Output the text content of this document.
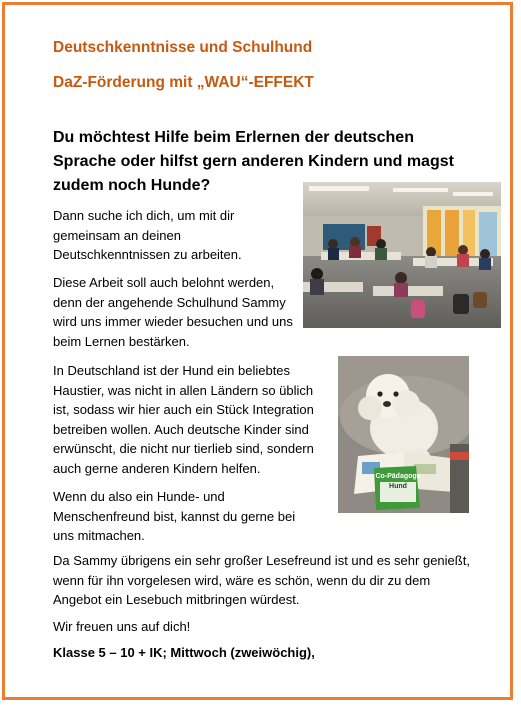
Deutschkenntnisse und Schulhund
DaZ-Förderung mit „WAU“-EFFEKT
Du möchtest Hilfe beim Erlernen der deutschen Sprache oder hilfst gern anderen Kindern und magst zudem noch Hunde?
Dann suche ich dich, um mit dir gemeinsam an deinen Deutschkenntnissen zu arbeiten.
Diese Arbeit soll auch belohnt werden, denn der angehende Schulhund Sammy wird uns immer wieder besuchen und uns beim Lernen bestärken.
Co-Pädagoge
Hund
In Deutschland ist der Hund ein beliebtes Haustier, was nicht in allen Ländern so üblich ist, sodass wir hier auch ein Stück Integration betreiben wollen. Auch deutsche Kinder sind erwünscht, die nicht nur tierlieb sind, sondern auch gerne anderen Kindern helfen.
Wenn du also ein Hunde- und Menschenfreund bist, kannst du gerne bei uns mitmachen.
Da Sammy übrigens ein sehr großer Lesefreund ist und es sehr genießt, wenn für ihn vorgelesen wird, wäre es schön, wenn du dir zu dem Angebot ein Lesebuch mitbringen würdest.
Wir freuen uns auf dich!
Klasse 5 – 10 + IK; Mittwoch (zweiwöchig),
